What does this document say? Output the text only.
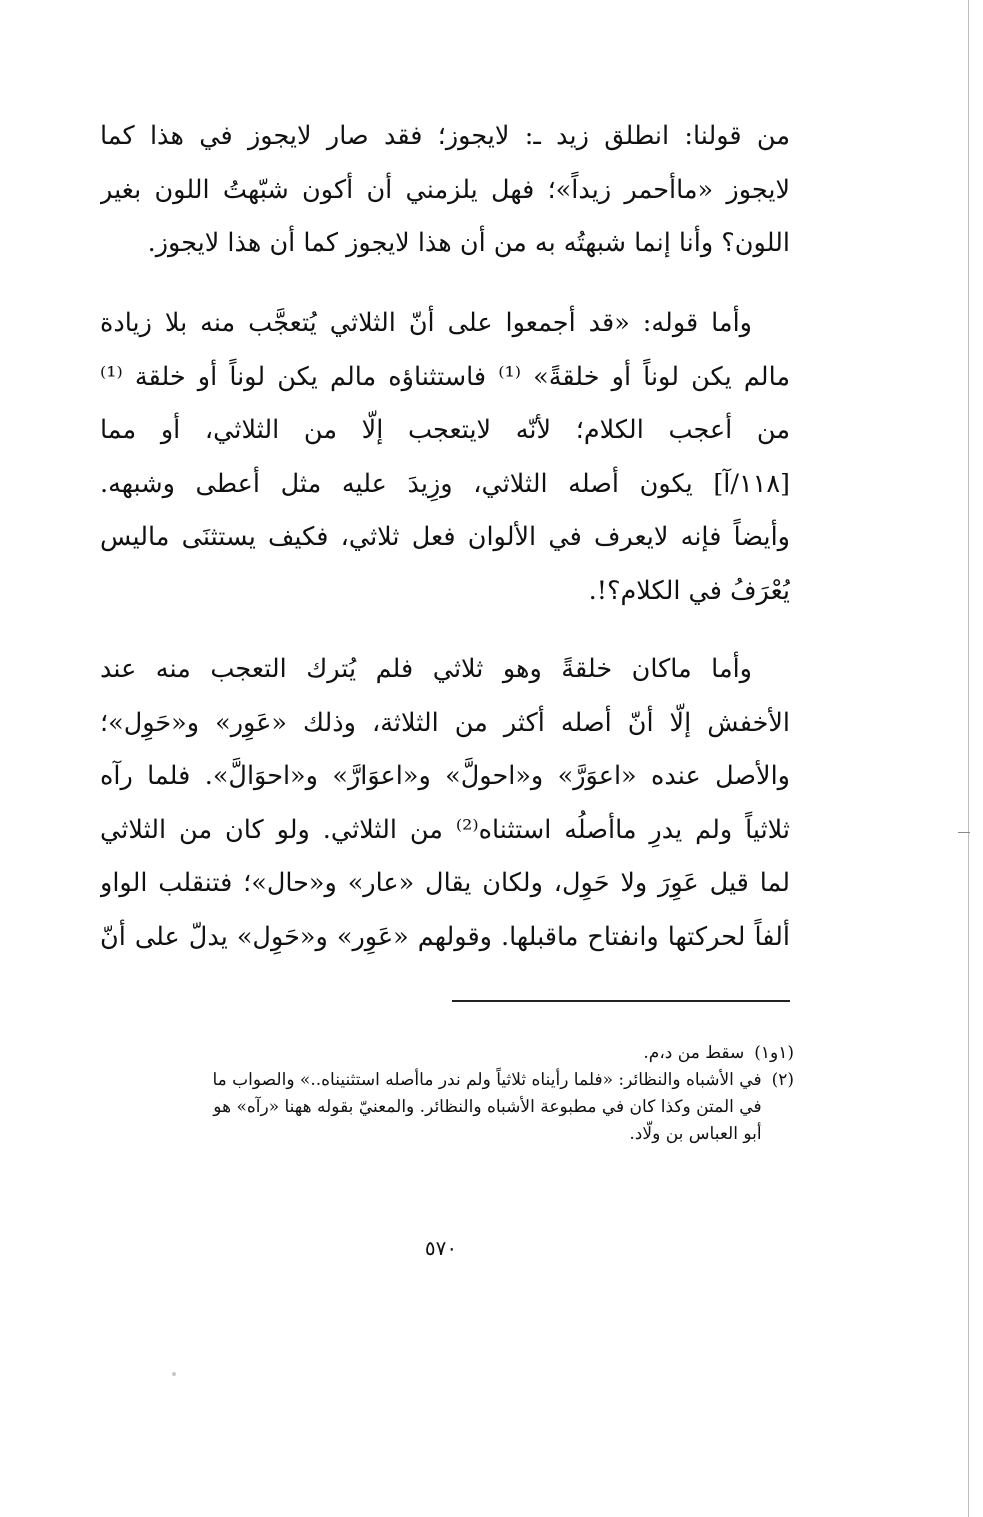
من قولنا: انطلق زيد ـ: لايجوز؛ فقد صار لايجوز في هذا كما
لايجوز «ماأحمر زيداً»؛ فهل يلزمني أن أكون شبّهتُ اللون بغير
اللون؟ وأنا إنما شبهتُه به من أن هذا لايجوز كما أن هذا لايجوز.
وأما قوله: «قد أجمعوا على أنّ الثلاثي يُتعجَّب منه بلا زيادة
مالم يكن لوناً أو خلقةً» ⁽¹⁾ فاستثناؤه مالم يكن لوناً أو خلقة ⁽¹⁾
من أعجب الكلام؛ لأنّه لايتعجب إلّا من الثلاثي، أو مما
[١١٨/آ] يكون أصله الثلاثي، وزِيدَ عليه مثل أعطى وشبهه.
وأيضاً فإنه لايعرف في الألوان فعل ثلاثي، فكيف يستثنَى ماليس
يُعْرَفُ في الكلام؟!.
وأما ماكان خلقةً وهو ثلاثي فلم يُترك التعجب منه عند
الأخفش إلّا أنّ أصله أكثر من الثلاثة، وذلك «عَوِر» و«حَوِل»؛
والأصل عنده «اعوَرَّ» و«احولَّ» و«اعوَارَّ» و«احوَالَّ». فلما رآه
ثلاثياً ولم يدرِ ماأصلُه استثناه⁽²⁾ من الثلاثي. ولو كان من الثلاثي
لما قيل عَوِرَ ولا حَوِل، ولكان يقال «عار» و«حال»؛ فتنقلب الواو
ألفاً لحركتها وانفتاح ماقبلها. وقولهم «عَوِر» و«حَوِل» يدلّ على أنّ
(١و١)
سقط من د،م.
(٢)
في الأشباه والنظائر: «فلما رأيناه ثلاثياً ولم ندر ماأصله استثنيناه..» والصواب ما
في المتن وكذا كان في مطبوعة الأشباه والنظائر. والمعنيّ بقوله ههنا «رآه» هو
أبو العباس بن ولّاد.
٥٧٠
